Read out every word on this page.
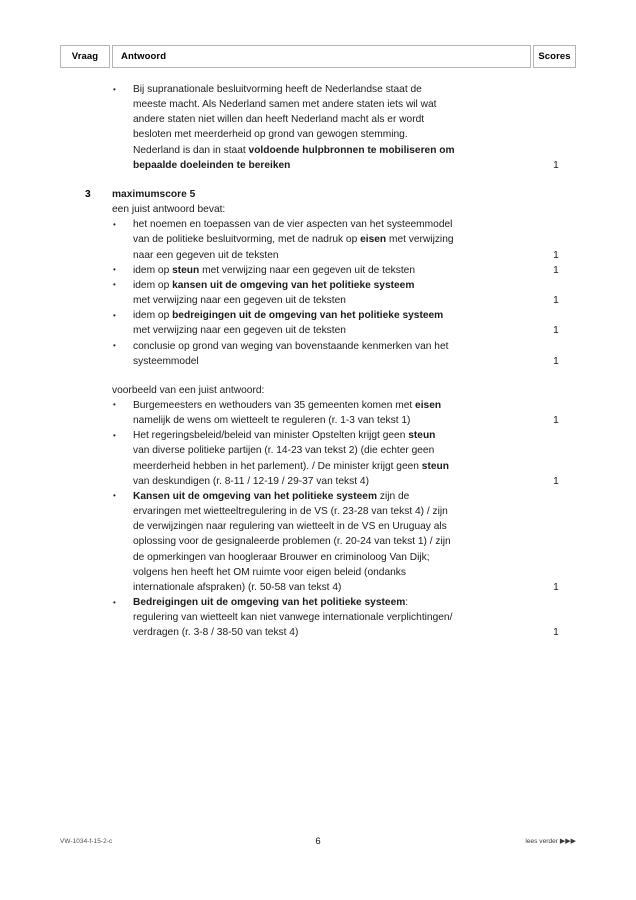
Vraag Antwoord	Scores
• Bij supranationale besluitvorming heeft de Nederlandse staat de
meeste macht. Als Nederland samen met andere staten iets wil wat
andere staten niet willen dan heeft Nederland macht als er wordt
besloten met meerderheid op grond van gewogen stemming.
Nederland is dan in staat voldoende hulpbronnen te mobiliseren om
bepaalde doeleinden te bereiken	1
3	maximumscore 5
een juist antwoord bevat:
• het noemen en toepassen van de vier aspecten van het systeemmodel
van de politieke besluitvorming, met de nadruk op eisen met verwijzing
naar een gegeven uit de teksten	1
• idem op steun met verwijzing naar een gegeven uit de teksten	1
• idem op kansen uit de omgeving van het politieke systeem
met verwijzing naar een gegeven uit de teksten	1
• idem op bedreigingen uit de omgeving van het politieke systeem
met verwijzing naar een gegeven uit de teksten	1
• conclusie op grond van weging van bovenstaande kenmerken van het
systeemmodel	1
voorbeeld van een juist antwoord:
• Burgemeesters en wethouders van 35 gemeenten komen met eisen
namelijk de wens om wietteelt te reguleren (r. 1-3 van tekst 1)	1
• Het regeringsbeleid/beleid van minister Opstelten krijgt geen steun
van diverse politieke partijen (r. 14-23 van tekst 2) (die echter geen
meerderheid hebben in het parlement). / De minister krijgt geen steun
van deskundigen (r. 8-11 / 12-19 / 29-37 van tekst 4)	1
• Kansen uit de omgeving van het politieke systeem zijn de
ervaringen met wietteeltregulering in de VS (r. 23-28 van tekst 4) / zijn
de verwijzingen naar regulering van wietteelt in de VS en Uruguay als
oplossing voor de gesignaleerde problemen (r. 20-24 van tekst 1) / zijn
de opmerkingen van hoogleraar Brouwer en criminoloog Van Dijk;
volgens hen heeft het OM ruimte voor eigen beleid (ondanks
internationale afspraken) (r. 50-58 van tekst 4)	1
• Bedreigingen uit de omgeving van het politieke systeem:
regulering van wietteelt kan niet vanwege internationale verplichtingen/
verdragen (r. 3-8 / 38-50 van tekst 4)	1
VW-1034-f-15-2-c	6	lees verder ▶▶▶
